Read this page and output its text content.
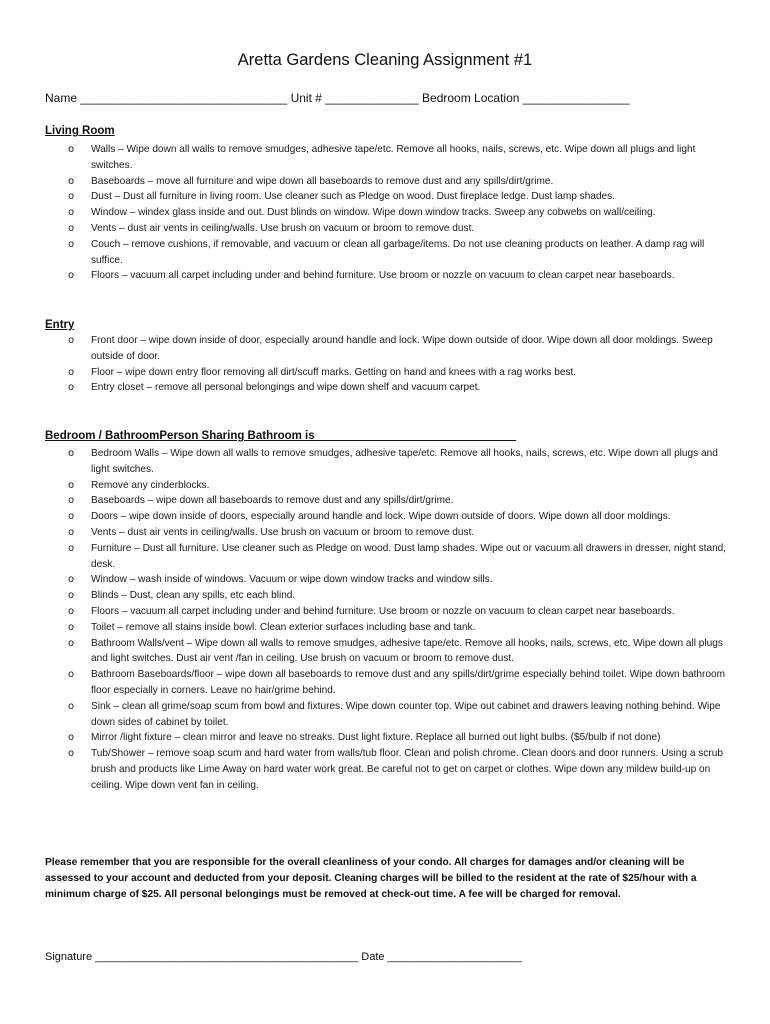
Aretta Gardens Cleaning Assignment #1
Name _______________________________ Unit # ______________ Bedroom Location ________________
Living Room
o Walls – Wipe down all walls to remove smudges, adhesive tape/etc. Remove all hooks, nails, screws, etc. Wipe down all plugs and light switches.
o Baseboards – move all furniture and wipe down all baseboards to remove dust and any spills/dirt/grime.
o Dust – Dust all furniture in living room. Use cleaner such as Pledge on wood. Dust fireplace ledge. Dust lamp shades.
o Window – windex glass inside and out. Dust blinds on window. Wipe down window tracks. Sweep any cobwebs on wall/ceiling.
o Vents – dust air vents in ceiling/walls. Use brush on vacuum or broom to remove dust.
o Couch – remove cushions, if removable, and vacuum or clean all garbage/items. Do not use cleaning products on leather. A damp rag will suffice.
o Floors – vacuum all carpet including under and behind furniture. Use broom or nozzle on vacuum to clean carpet near baseboards.
Entry
o Front door – wipe down inside of door, especially around handle and lock. Wipe down outside of door. Wipe down all door moldings. Sweep outside of door.
o Floor – wipe down entry floor removing all dirt/scuff marks. Getting on hand and knees with a rag works best.
o Entry closet – remove all personal belongings and wipe down shelf and vacuum carpet.
Bedroom / BathroomPerson Sharing Bathroom is _______________________________
o Bedroom Walls – Wipe down all walls to remove smudges, adhesive tape/etc. Remove all hooks, nails, screws, etc. Wipe down all plugs and light switches.
o Remove any cinderblocks.
o Baseboards – wipe down all baseboards to remove dust and any spills/dirt/grime.
o Doors – wipe down inside of doors, especially around handle and lock. Wipe down outside of doors. Wipe down all door moldings.
o Vents – dust air vents in ceiling/walls. Use brush on vacuum or broom to remove dust.
o Furniture – Dust all furniture. Use cleaner such as Pledge on wood. Dust lamp shades. Wipe out or vacuum all drawers in dresser, night stand, desk.
o Window – wash inside of windows. Vacuum or wipe down window tracks and window sills.
o Blinds – Dust, clean any spills, etc each blind.
o Floors – vacuum all carpet including under and behind furniture. Use broom or nozzle on vacuum to clean carpet near baseboards.
o Toilet – remove all stains inside bowl. Clean exterior surfaces including base and tank.
o Bathroom Walls/vent – Wipe down all walls to remove smudges, adhesive tape/etc. Remove all hooks, nails, screws, etc. Wipe down all plugs and light switches. Dust air vent /fan in ceiling. Use brush on vacuum or broom to remove dust.
o Bathroom Baseboards/floor – wipe down all baseboards to remove dust and any spills/dirt/grime especially behind toilet. Wipe down bathroom floor especially in corners. Leave no hair/grime behind.
o Sink – clean all grime/soap scum from bowl and fixtures. Wipe down counter top. Wipe out cabinet and drawers leaving nothing behind. Wipe down sides of cabinet by toilet.
o Mirror /light fixture – clean mirror and leave no streaks. Dust light fixture. Replace all burned out light bulbs. ($5/bulb if not done)
o Tub/Shower – remove soap scum and hard water from walls/tub floor. Clean and polish chrome. Clean doors and door runners. Using a scrub brush and products like Lime Away on hard water work great. Be careful not to get on carpet or clothes. Wipe down any mildew build-up on ceiling. Wipe down vent fan in ceiling.
Please remember that you are responsible for the overall cleanliness of your condo. All charges for damages and/or cleaning will be assessed to your account and deducted from your deposit. Cleaning charges will be billed to the resident at the rate of $25/hour with a minimum charge of $25. All personal belongings must be removed at check-out time. A fee will be charged for removal.
Signature ___________________________________________ Date ______________________
